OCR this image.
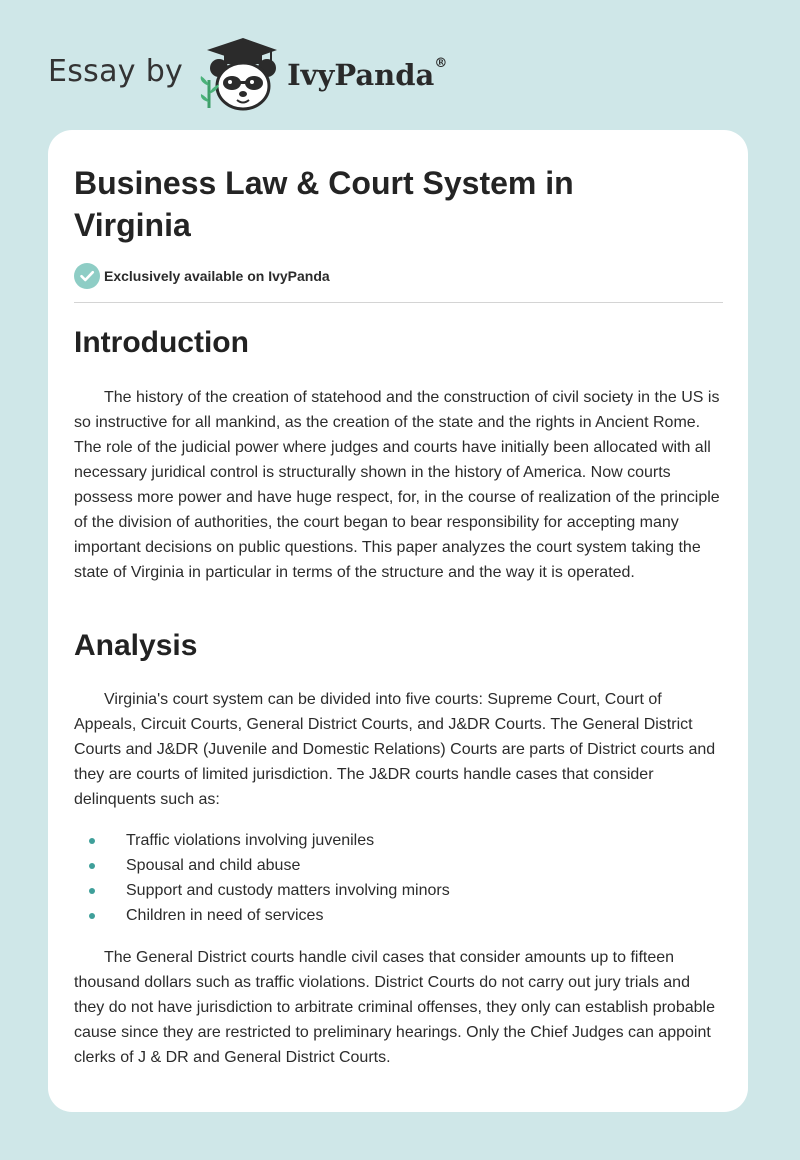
Essay by	IvyPanda®
Business Law & Court System in Virginia
Exclusively available on IvyPanda
Introduction

The history of the creation of statehood and the construction of civil society in the US is so instructive for all mankind, as the creation of the state and the rights in Ancient Rome. The role of the judicial power where judges and courts have initially been allocated with all necessary juridical control is structurally shown in the history of America. Now courts possess more power and have huge respect, for, in the course of realization of the principle of the division of authorities, the court began to bear responsibility for accepting many important decisions on public questions. This paper analyzes the court system taking the state of Virginia in particular in terms of the structure and the way it is operated.

Analysis

Virginia's court system can be divided into five courts: Supreme Court, Court of Appeals, Circuit Courts, General District Courts, and J&DR Courts. The General District Courts and J&DR (Juvenile and Domestic Relations) Courts are parts of District courts and they are courts of limited jurisdiction. The J&DR courts handle cases that consider delinquents such as:

Traffic violations involving juveniles
Spousal and child abuse
Support and custody matters involving minors
Children in need of services

The General District courts handle civil cases that consider amounts up to fifteen thousand dollars such as traffic violations. District Courts do not carry out jury trials and they do not have jurisdiction to arbitrate criminal offenses, they only can establish probable cause since they are restricted to preliminary hearings. Only the Chief Judges can appoint clerks of J & DR and General District Courts.
